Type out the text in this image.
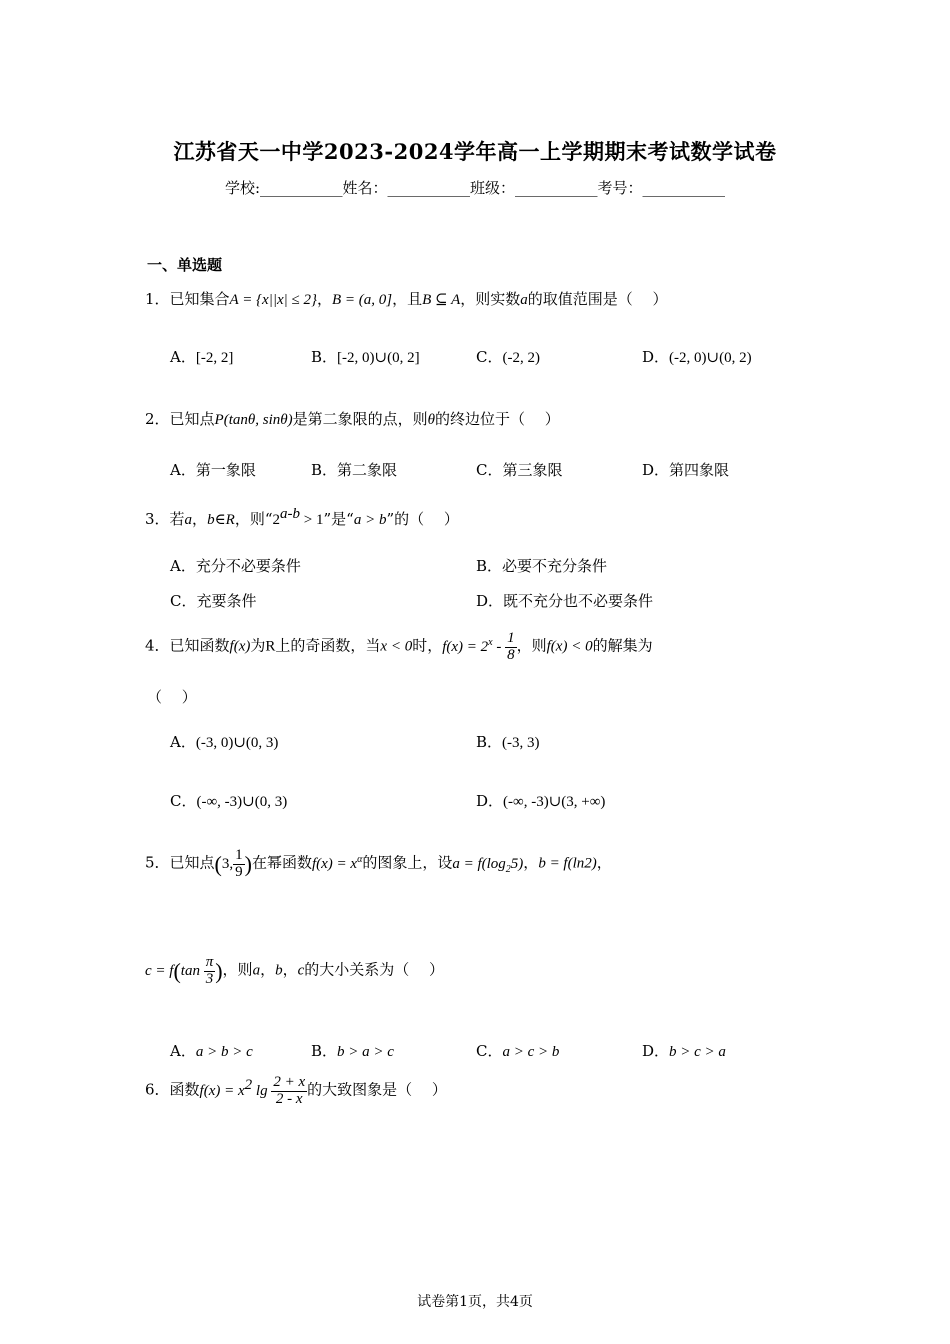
江苏省天一中学2023-2024学年高一上学期期末考试数学试卷
学校:___________姓名：___________班级：___________考号：___________
一、单选题
1．已知集合A = {x||x| ≤ 2}，B = (a, 0]，且B ⊆ A，则实数a的取值范围是（　 ）
A．[-2, 2]	B．[-2, 0)∪(0, 2]	C．(-2, 2)	D．(-2, 0)∪(0, 2)
2．已知点P(tanθ, sinθ)是第二象限的点，则θ的终边位于（　 ）
A．第一象限	B．第二象限	C．第三象限	D．第四象限
3．若a，b∈R，则“$2^{a-b} > 1$”是“a > b”的（　 ）
A．充分不必要条件	B．必要不充分条件
C．充要条件	D．既不充分也不必要条件
4．已知函数f(x)为R上的奇函数，当x < 0时，$f(x) = 2^x - \frac{1}{8}$ ，则f(x) < 0的解集为
（　 ）
A．(-3, 0)∪(0, 3)	B．(-3, 3)
C．(-∞, -3)∪(0, 3)	D．(-∞, -3)∪(3, +∞)
5．已知点(3, $\frac{1}{9}$ )在幂函数$f(x) = x^\alpha$的图象上，设$a = f(\log_25)$，b = f(ln2)，
$c = f(\tan \frac{\pi}{3}$ )，则a，b，c的大小关系为（　 ）
A．a > b > c	B．b > a > c	C．a > c > b	D．b > c > a
6．函数$f(x) = x^2$ $\lg \frac{2 + x}{2 - x}$ 的大致图象是（　 ）
试卷第1页，共4页
